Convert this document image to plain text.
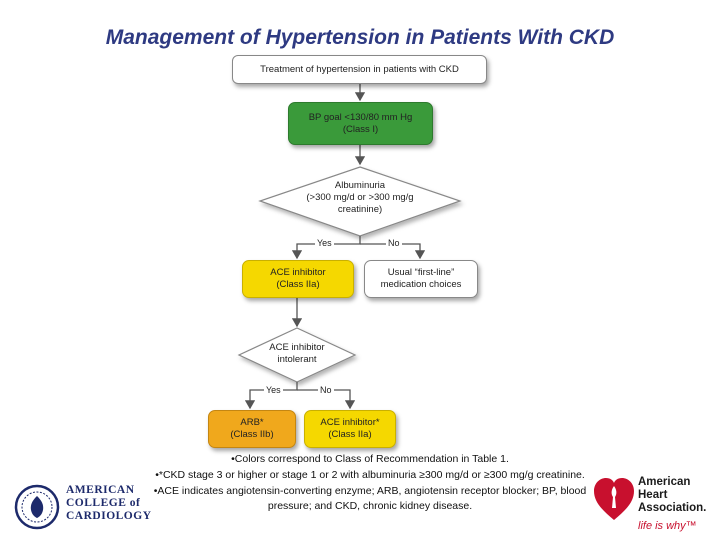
Management of Hypertension in Patients With CKD
Treatment of hypertension in patients with CKD
BP goal <130/80 mm Hg
(Class I)
Albuminuria
(>300 mg/d or >300 mg/g
creatinine)
Yes	No
ACE inhibitor
(Class IIa)
Usual “first-line”
medication choices
ACE inhibitor
intolerant
Yes	No
ARB*
(Class IIb)
ACE inhibitor*
(Class IIa)
•Colors correspond to Class of Recommendation in Table 1.
•*CKD stage 3 or higher or stage 1 or 2 with albuminuria ≥300 mg/d or ≥300 mg/g creatinine.
•ACE indicates angiotensin-converting enzyme; ARB, angiotensin receptor blocker; BP, blood pressure; and CKD, chronic kidney disease.
AMERICAN
COLLEGE of
CARDIOLOGY
American
Heart
Association.
life is why™
